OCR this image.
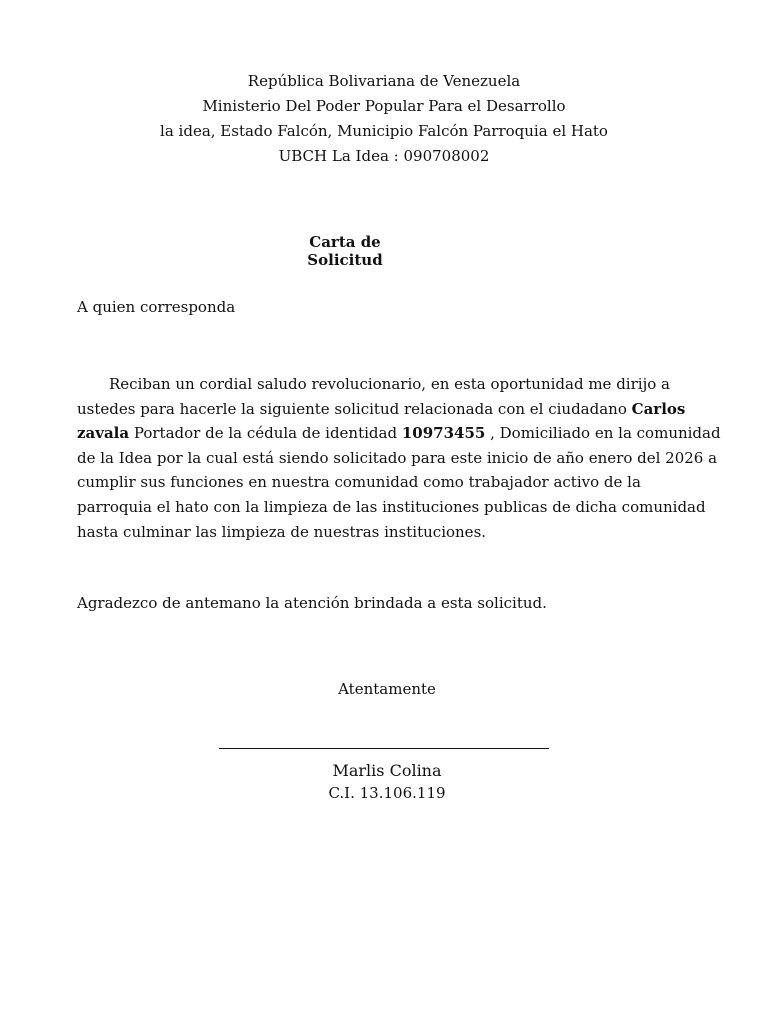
República Bolivariana de Venezuela
Ministerio Del Poder Popular Para el Desarrollo
la idea, Estado Falcón, Municipio Falcón Parroquia el Hato
UBCH La Idea : 090708002
Carta de Solicitud
A quien corresponda
Reciban un cordial saludo revolucionario, en esta oportunidad me dirijo a
ustedes para hacerle la siguiente solicitud relacionada con el ciudadano Carlos
zavala Portador de la cédula de identidad 10973455 , Domiciliado en la comunidad
de la Idea por la cual está siendo solicitado para este inicio de año enero del 2026 a
cumplir sus funciones en nuestra comunidad como trabajador activo de la
parroquia el hato con la limpieza de las instituciones publicas de dicha comunidad
hasta culminar las limpieza de nuestras instituciones.
Agradezco de antemano la atención brindada a esta solicitud.
Atentamente
Marlis Colina
C.I. 13.106.119
